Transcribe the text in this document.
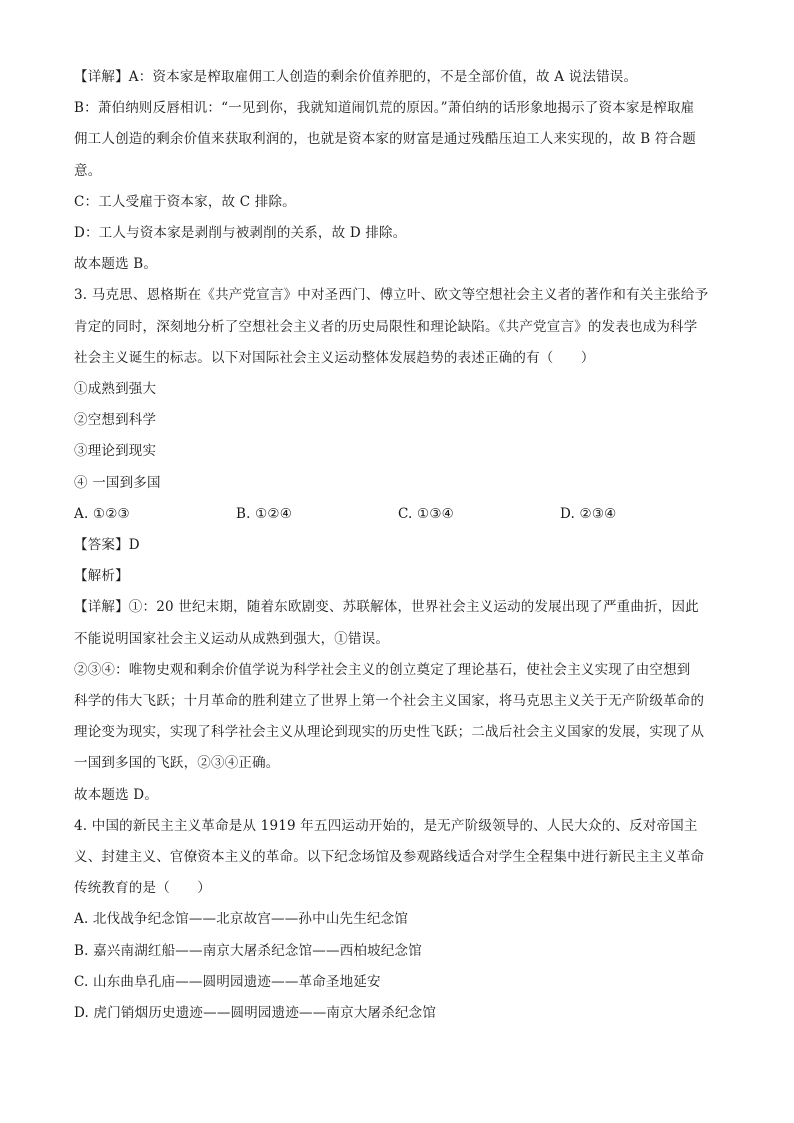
【详解】A：资本家是榨取雇佣工人创造的剩余价值养肥的，不是全部价值，故 A 说法错误。
B：萧伯纳则反唇相讥：“一见到你，我就知道闹饥荒的原因。”萧伯纳的话形象地揭示了资本家是榨取雇
佣工人创造的剩余价值来获取利润的，也就是资本家的财富是通过残酷压迫工人来实现的，故 B 符合题
意。
C：工人受雇于资本家，故 C 排除。
D：工人与资本家是剥削与被剥削的关系，故 D 排除。
故本题选 B。
3. 马克思、恩格斯在《共产党宣言》中对圣西门、傅立叶、欧文等空想社会主义者的著作和有关主张给予
肯定的同时，深刻地分析了空想社会主义者的历史局限性和理论缺陷。《共产党宣言》的发表也成为科学
社会主义诞生的标志。以下对国际社会主义运动整体发展趋势的表述正确的有（　　）
①成熟到强大
②空想到科学
③理论到现实
④ 一国到多国
A. ①②③	B. ①②④	C. ①③④	D. ②③④
【答案】D
【解析】
【详解】①：20 世纪末期，随着东欧剧变、苏联解体，世界社会主义运动的发展出现了严重曲折，因此
不能说明国家社会主义运动从成熟到强大，①错误。
②③④：唯物史观和剩余价值学说为科学社会主义的创立奠定了理论基石，使社会主义实现了由空想到
科学的伟大飞跃；十月革命的胜利建立了世界上第一个社会主义国家，将马克思主义关于无产阶级革命的
理论变为现实，实现了科学社会主义从理论到现实的历史性飞跃；二战后社会主义国家的发展，实现了从
一国到多国的飞跃，②③④正确。
故本题选 D。
4. 中国的新民主主义革命是从 1919 年五四运动开始的，是无产阶级领导的、人民大众的、反对帝国主
义、封建主义、官僚资本主义的革命。以下纪念场馆及参观路线适合对学生全程集中进行新民主主义革命
传统教育的是（　　）
A. 北伐战争纪念馆——北京故宫——孙中山先生纪念馆
B. 嘉兴南湖红船——南京大屠杀纪念馆——西柏坡纪念馆
C. 山东曲阜孔庙——圆明园遗迹——革命圣地延安
D. 虎门销烟历史遗迹——圆明园遗迹——南京大屠杀纪念馆
